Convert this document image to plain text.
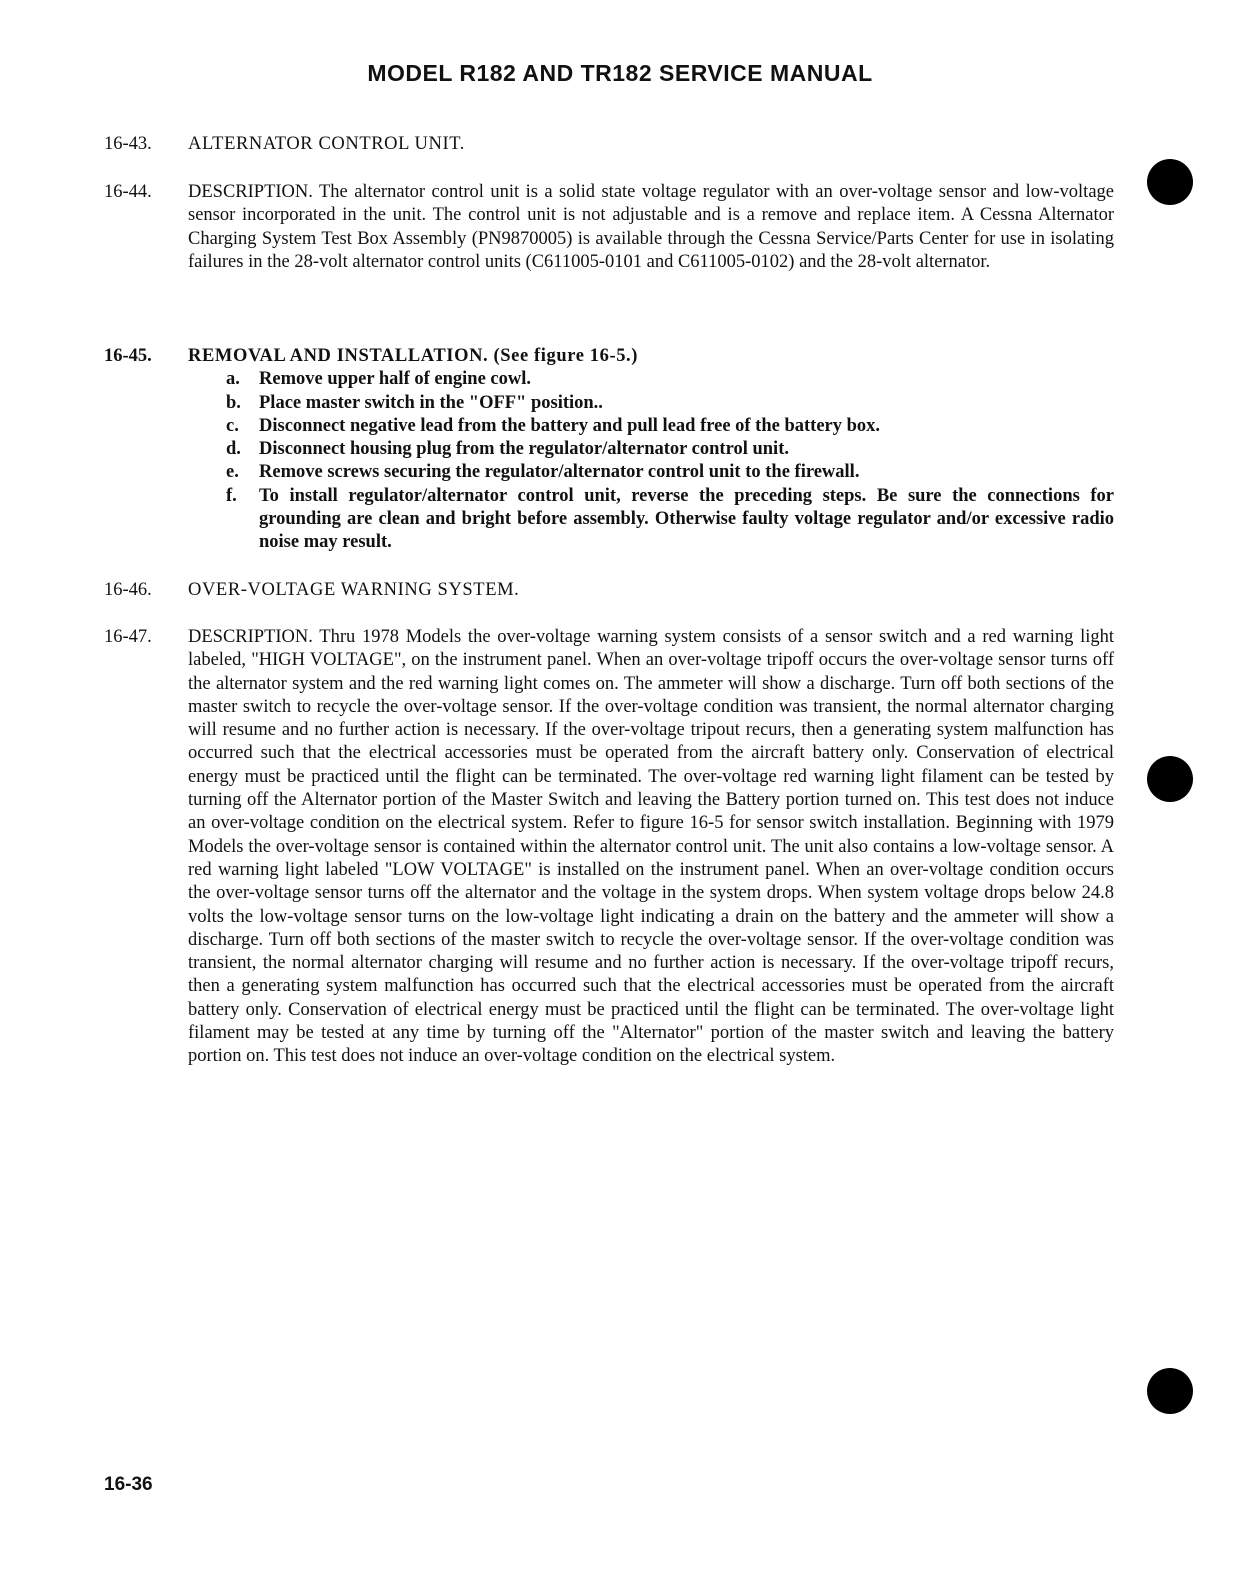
MODEL R182 AND TR182 SERVICE MANUAL
16-43.	ALTERNATOR CONTROL UNIT.
16-44.	DESCRIPTION. The alternator control unit is a solid state voltage regulator with an over-voltage sensor and low-voltage sensor incorporated in the unit. The control unit is not adjustable and is a remove and replace item. A Cessna Alternator Charging System Test Box Assembly (PN9870005) is available through the Cessna Service/Parts Center for use in isolating failures in the 28-volt alternator control units (C611005-0101 and C611005-0102) and the 28-volt alternator.
16-45.	REMOVAL AND INSTALLATION. (See figure 16-5.)
a. Remove upper half of engine cowl.
b. Place master switch in the "OFF" position..
c. Disconnect negative lead from the battery and pull lead free of the battery box.
d. Disconnect housing plug from the regulator/alternator control unit.
e. Remove screws securing the regulator/alternator control unit to the firewall.
f. To install regulator/alternator control unit, reverse the preceding steps. Be sure the connections for grounding are clean and bright before assembly. Otherwise faulty voltage regulator and/or excessive radio noise may result.
16-46.	OVER-VOLTAGE WARNING SYSTEM.
16-47.	DESCRIPTION. Thru 1978 Models the over-voltage warning system consists of a sensor switch and a red warning light labeled, "HIGH VOLTAGE", on the instrument panel. When an over-voltage tripoff occurs the over-voltage sensor turns off the alternator system and the red warning light comes on. The ammeter will show a discharge. Turn off both sections of the master switch to recycle the over-voltage sensor. If the over-voltage condition was transient, the normal alternator charging will resume and no further action is necessary. If the over-voltage tripout recurs, then a generating system malfunction has occurred such that the electrical accessories must be operated from the aircraft battery only. Conservation of electrical energy must be practiced until the flight can be terminated. The over-voltage red warning light filament can be tested by turning off the Alternator portion of the Master Switch and leaving the Battery portion turned on. This test does not induce an over-voltage condition on the electrical system. Refer to figure 16-5 for sensor switch installation. Beginning with 1979 Models the over-voltage sensor is contained within the alternator control unit. The unit also contains a low-voltage sensor. A red warning light labeled "LOW VOLTAGE" is installed on the instrument panel. When an over-voltage condition occurs the over-voltage sensor turns off the alternator and the voltage in the system drops. When system voltage drops below 24.8 volts the low-voltage sensor turns on the low-voltage light indicating a drain on the battery and the ammeter will show a discharge. Turn off both sections of the master switch to recycle the over-voltage sensor. If the over-voltage condition was transient, the normal alternator charging will resume and no further action is necessary. If the over-voltage tripoff recurs, then a generating system malfunction has occurred such that the electrical accessories must be operated from the aircraft battery only. Conservation of electrical energy must be practiced until the flight can be terminated. The over-voltage light filament may be tested at any time by turning off the "Alternator" portion of the master switch and leaving the battery portion on. This test does not induce an over-voltage condition on the electrical system.
16-36
